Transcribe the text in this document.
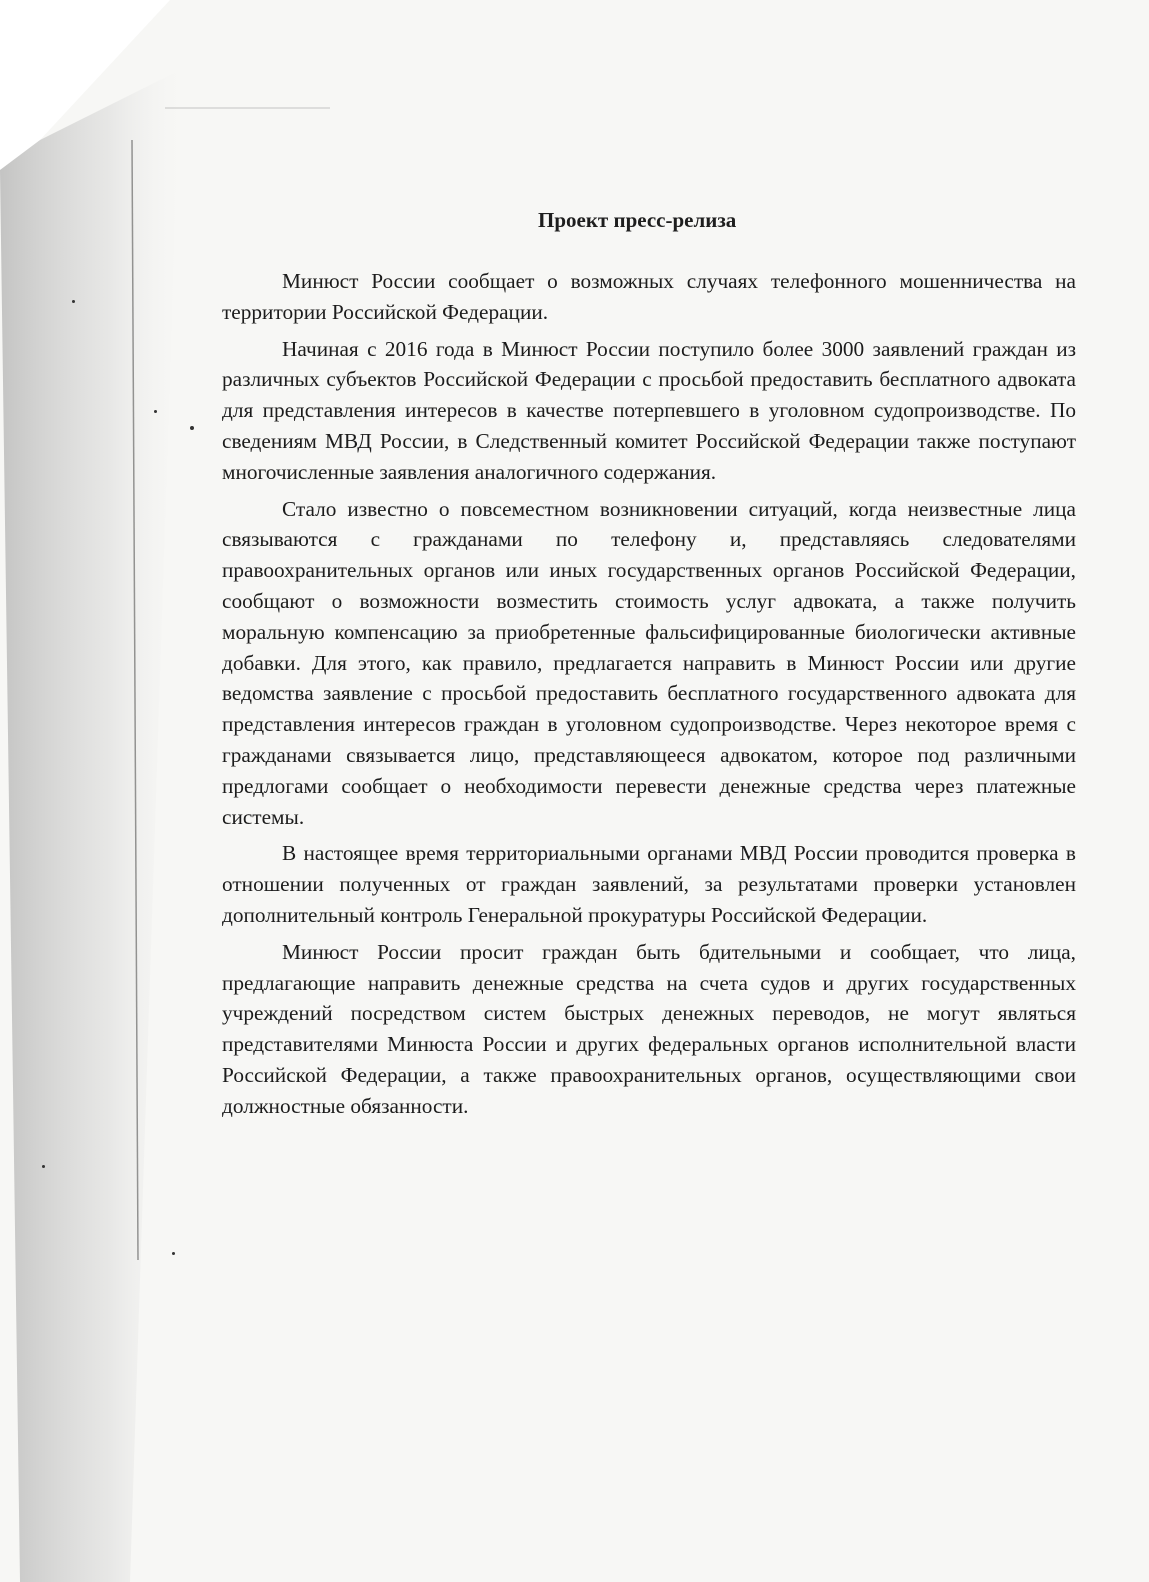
Проект пресс-релиза

Минюст России сообщает о возможных случаях телефонного мошенничества на территории Российской Федерации.

Начиная с 2016 года в Минюст России поступило более 3000 заявлений граждан из различных субъектов Российской Федерации с просьбой предоставить бесплатного адвоката для представления интересов в качестве потерпевшего в уголовном судопроизводстве. По сведениям МВД России, в Следственный комитет Российской Федерации также поступают многочисленные заявления аналогичного содержания.

Стало известно о повсеместном возникновении ситуаций, когда неизвестные лица связываются с гражданами по телефону и, представляясь следователями правоохранительных органов или иных государственных органов Российской Федерации, сообщают о возможности возместить стоимость услуг адвоката, а также получить моральную компенсацию за приобретенные фальсифицированные биологически активные добавки. Для этого, как правило, предлагается направить в Минюст России или другие ведомства заявление с просьбой предоставить бесплатного государственного адвоката для представления интересов граждан в уголовном судопроизводстве. Через некоторое время с гражданами связывается лицо, представляющееся адвокатом, которое под различными предлогами сообщает о необходимости перевести денежные средства через платежные системы.

В настоящее время территориальными органами МВД России проводится проверка в отношении полученных от граждан заявлений, за результатами проверки установлен дополнительный контроль Генеральной прокуратуры Российской Федерации.

Минюст России просит граждан быть бдительными и сообщает, что лица, предлагающие направить денежные средства на счета судов и других государственных учреждений посредством систем быстрых денежных переводов, не могут являться представителями Минюста России и других федеральных органов исполнительной власти Российской Федерации, а также правоохранительных органов, осуществляющими свои должностные обязанности.
